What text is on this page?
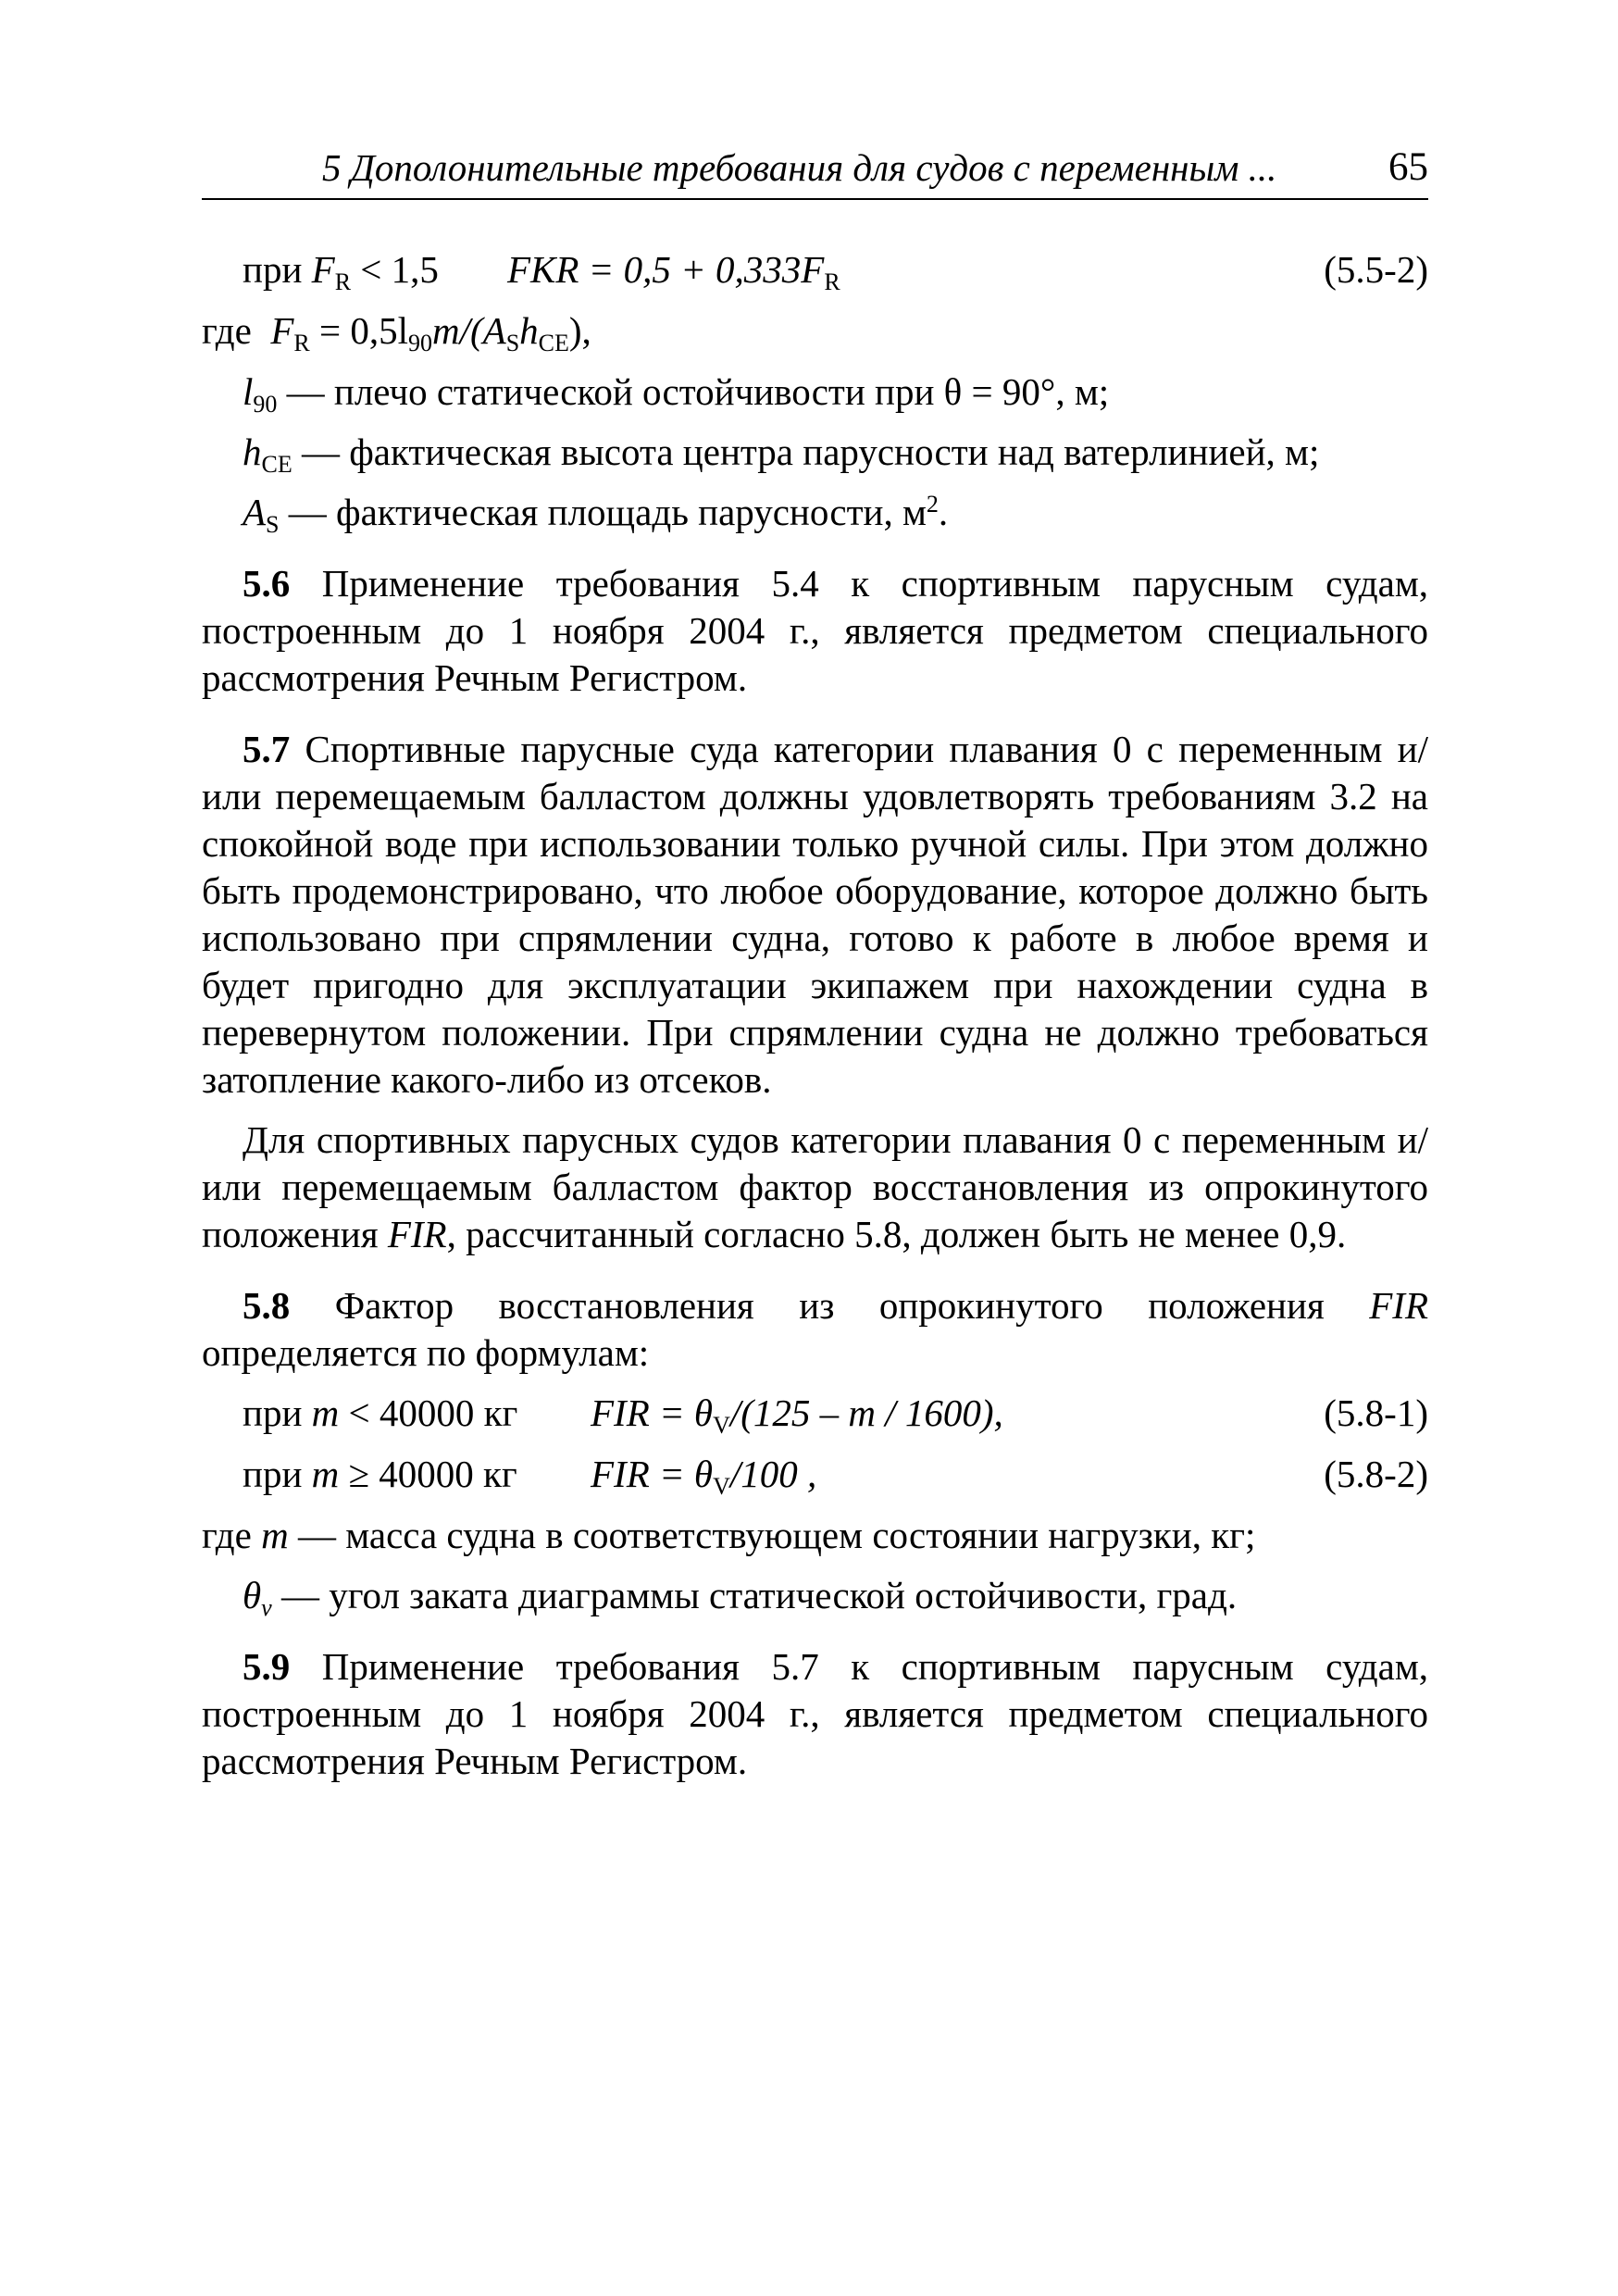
5 Дополонительные требования для судов с переменным ...	65
при $F_R < 1,5$ FKR = $0,5 + 0,333F_R$	(5.5-2)
где $F_R = 0,5l_{90}m/(A_Sh_{CE})$,

$l_{90}$ — плечо статической остойчивости при θ = 90°, м;

$h_{CE}$ — фактическая высота центра парусности над ватерлинией, м;

$A_S$ — фактическая площадь парусности, $м^2$.

5.6 Применение требования 5.4 к спортивным парусным судам, построенным до 1 ноября 2004 г., является предметом специального рассмотрения Речным Регистром.

5.7 Спортивные парусные суда категории плавания 0 с переменным и/или перемещаемым балластом должны удовлетворять требованиям 3.2 на спокойной воде при использовании только ручной силы. При этом должно быть продемонстрировано, что любое оборудование, которое должно быть использовано при спрямлении судна, готово к работе в любое время и будет пригодно для эксплуатации экипажем при нахождении судна в перевернутом положении. При спрямлении судна не должно требоваться затопление какого-либо из отсеков.

Для спортивных парусных судов категории плавания 0 с переменным и/или перемещаемым балластом фактор восстановления из опрокинутого положения FIR, рассчитанный согласно 5.8, должен быть не менее 0,9.

5.8 Фактор восстановления из опрокинутого положения FIR определяется по формулам:

при m < 40000 кг FIR = $\theta_V/(125$ – m / 1600),	(5.8-1)
при m ≥ 40000 кг FIR = $\theta_V/100$ ,	(5.8-2)

где m — масса судна в соответствующем состоянии нагрузки, кг;

$\theta_v$ — угол заката диаграммы статической остойчивости, град.

5.9 Применение требования 5.7 к спортивным парусным судам, построенным до 1 ноября 2004 г., является предметом специального рассмотрения Речным Регистром.
